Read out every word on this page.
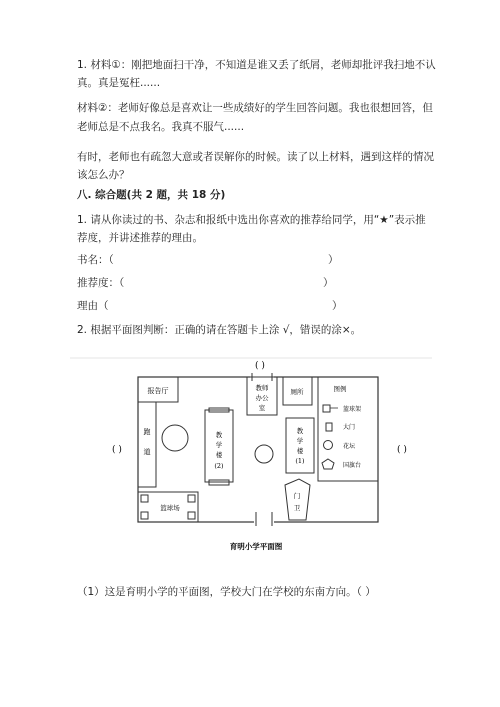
1. 材料①：刚把地面扫干净，不知道是谁又丢了纸屑，老师却批评我扫地不认

真。真是冤枉......

材料②：老师好像总是喜欢让一些成绩好的学生回答问题。我也很想回答，但

老师总是不点我名。我真不服气......

有时，老师也有疏忽大意或者误解你的时候。读了以上材料，遇到这样的情况

该怎么办？

八. 综合题(共 2 题，共 18 分)

1. 请从你读过的书、杂志和报纸中选出你喜欢的推荐给同学，用“★”表示推

荐度，并讲述推荐的理由。

书名：（	）

推荐度：（	）

理由（	）

2. 根据平面图判断：正确的请在答题卡上涂 √，错误的涂×。

( )
( )	( )
报告厅
跑
道
教师
办公
室
厕所	图例
篮球架
大门
花坛
国旗台
教
学
楼
(2)
教
学
楼
(1)
篮球场
门
卫
育明小学平面图

（1）这是育明小学的平面图，学校大门在学校的东南方向。（ ）
